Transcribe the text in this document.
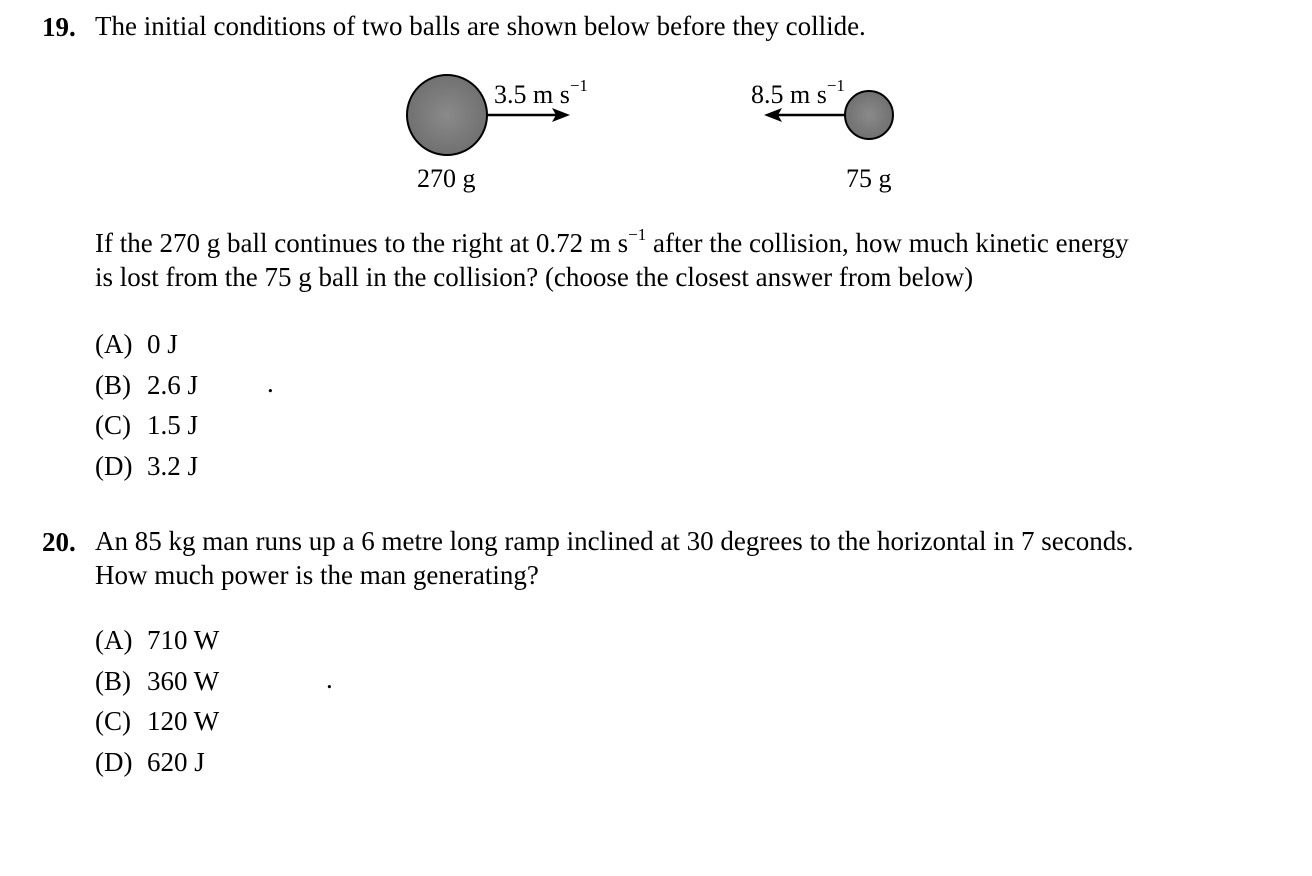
19. The initial conditions of two balls are shown below before they collide.
3.5 m $s^{-1}$	8.5 m $s^{-1}$
270 g	75 g
If the 270 g ball continues to the right at 0.72 m $s^{-1}$ after the collision, how much kinetic energy
is lost from the 75 g ball in the collision? (choose the closest answer from below)
(A) 0 J
(B) 2.6 J
(C) 1.5 J
(D) 3.2 J
.
20. An 85 kg man runs up a 6 metre long ramp inclined at 30 degrees to the horizontal in 7 seconds.
How much power is the man generating?
(A) 710 W
(B) 360 W
(C) 120 W
(D) 620 J
.
